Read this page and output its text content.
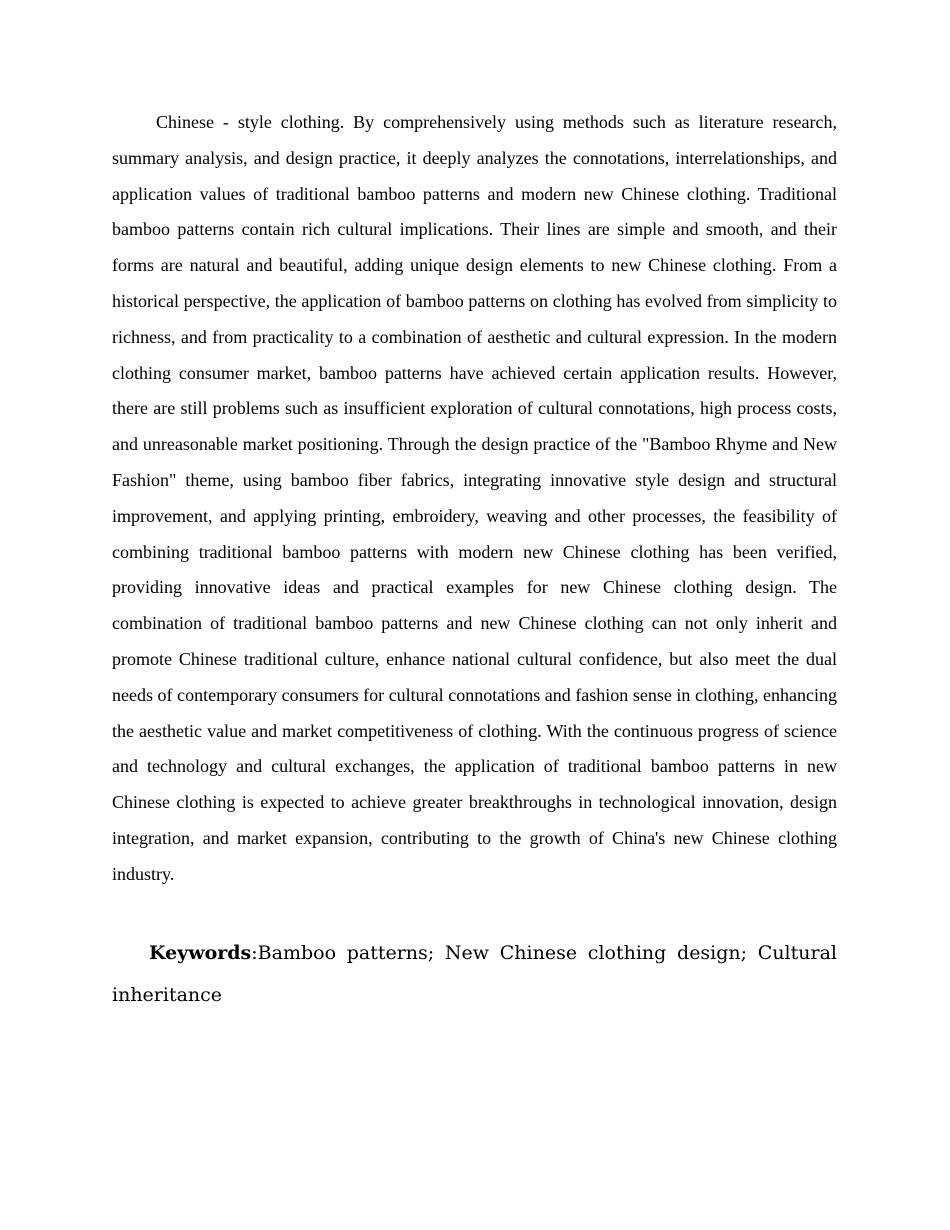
Chinese - style clothing. By comprehensively using methods such as literature research, summary analysis, and design practice, it deeply analyzes the connotations, interrelationships, and application values of traditional bamboo patterns and modern new Chinese clothing. Traditional bamboo patterns contain rich cultural implications. Their lines are simple and smooth, and their forms are natural and beautiful, adding unique design elements to new Chinese clothing. From a historical perspective, the application of bamboo patterns on clothing has evolved from simplicity to richness, and from practicality to a combination of aesthetic and cultural expression. In the modern clothing consumer market, bamboo patterns have achieved certain application results. However, there are still problems such as insufficient exploration of cultural connotations, high process costs, and unreasonable market positioning. Through the design practice of the "Bamboo Rhyme and New Fashion" theme, using bamboo fiber fabrics, integrating innovative style design and structural improvement, and applying printing, embroidery, weaving and other processes, the feasibility of combining traditional bamboo patterns with modern new Chinese clothing has been verified, providing innovative ideas and practical examples for new Chinese clothing design. The combination of traditional bamboo patterns and new Chinese clothing can not only inherit and promote Chinese traditional culture, enhance national cultural confidence, but also meet the dual needs of contemporary consumers for cultural connotations and fashion sense in clothing, enhancing the aesthetic value and market competitiveness of clothing. With the continuous progress of science and technology and cultural exchanges, the application of traditional bamboo patterns in new Chinese clothing is expected to achieve greater breakthroughs in technological innovation, design integration, and market expansion, contributing to the growth of China's new Chinese clothing industry.

Keywords:Bamboo patterns; New Chinese clothing design; Cultural inheritance
